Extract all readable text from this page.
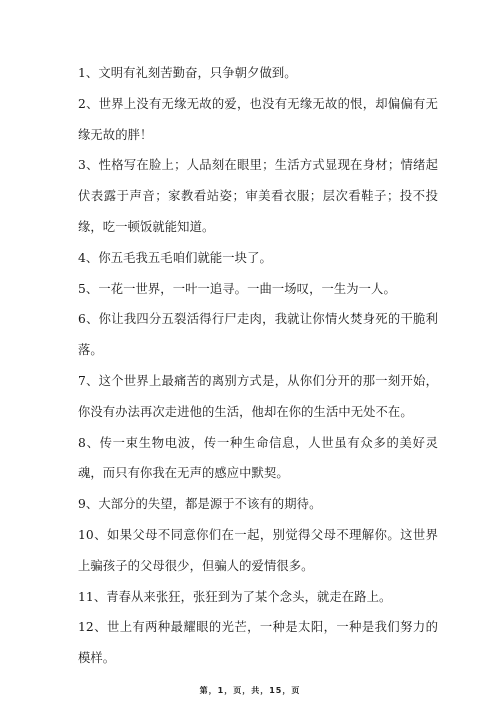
1、文明有礼刻苦勤奋，只争朝夕做到。

2、世界上没有无缘无故的爱，也没有无缘无故的恨，却偏偏有无缘无故的胖！

3、性格写在脸上；人品刻在眼里；生活方式显现在身材；情绪起伏表露于声音；家教看站姿；审美看衣服；层次看鞋子；投不投缘，吃一顿饭就能知道。

4、你五毛我五毛咱们就能一块了。

5、一花一世界，一叶一追寻。一曲一场叹，一生为一人。

6、你让我四分五裂活得行尸走肉，我就让你情火焚身死的干脆利落。

7、这个世界上最痛苦的离别方式是，从你们分开的那一刻开始，你没有办法再次走进他的生活，他却在你的生活中无处不在。

8、传一束生物电波，传一种生命信息，人世虽有众多的美好灵魂，而只有你我在无声的感应中默契。

9、大部分的失望，都是源于不该有的期待。

10、如果父母不同意你们在一起，别觉得父母不理解你。这世界上骗孩子的父母很少，但骗人的爱情很多。

11、青春从来张狂，张狂到为了某个念头，就走在路上。

12、世上有两种最耀眼的光芒，一种是太阳，一种是我们努力的模样。

第，1，页，共，15，页
